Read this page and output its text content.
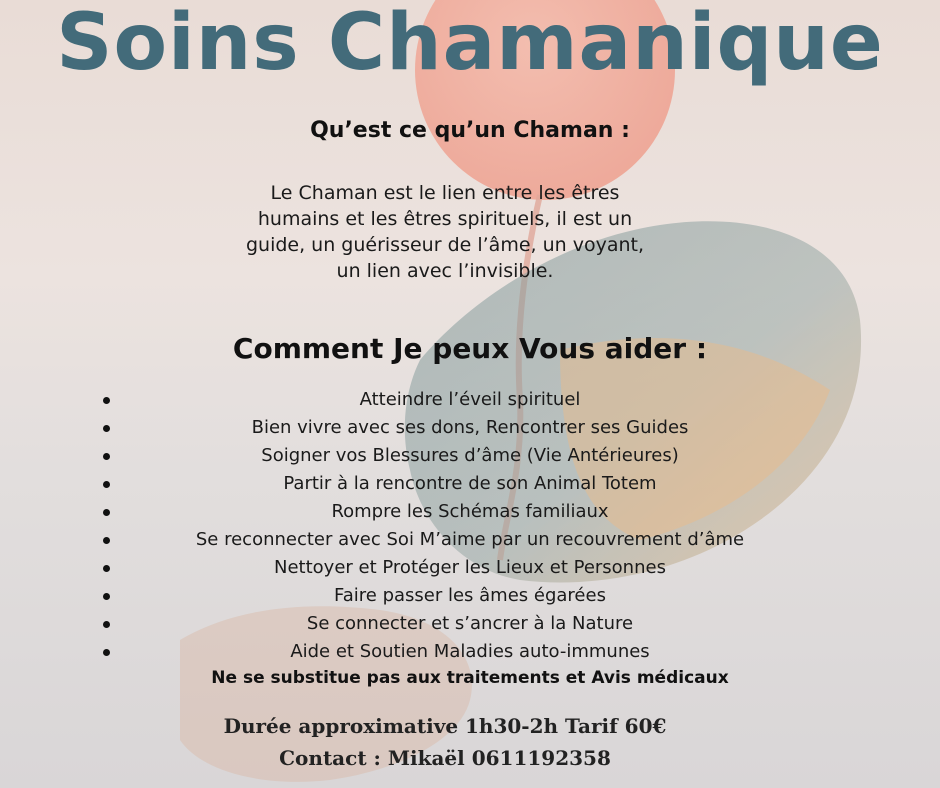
Soins Chamanique
Qu’est ce qu’un Chaman :
Le Chaman est le lien entre les êtres
humains et les êtres spirituels, il est un
guide, un guérisseur de l’âme, un voyant,
un lien avec l’invisible.
Comment Je peux Vous aider :
Atteindre l’éveil spirituel
Bien vivre avec ses dons, Rencontrer ses Guides
Soigner vos Blessures d’âme (Vie Antérieures)
Partir à la rencontre de son Animal Totem
Rompre les Schémas familiaux
Se reconnecter avec Soi M’aime par un recouvrement d’âme
Nettoyer et Protéger les Lieux et Personnes
Faire passer les âmes égarées
Se connecter et s’ancrer à la Nature
Aide et Soutien Maladies auto-immunes
Ne se substitue pas aux traitements et Avis médicaux
Durée approximative 1h30-2h Tarif 60€
Contact : Mikaël 0611192358
